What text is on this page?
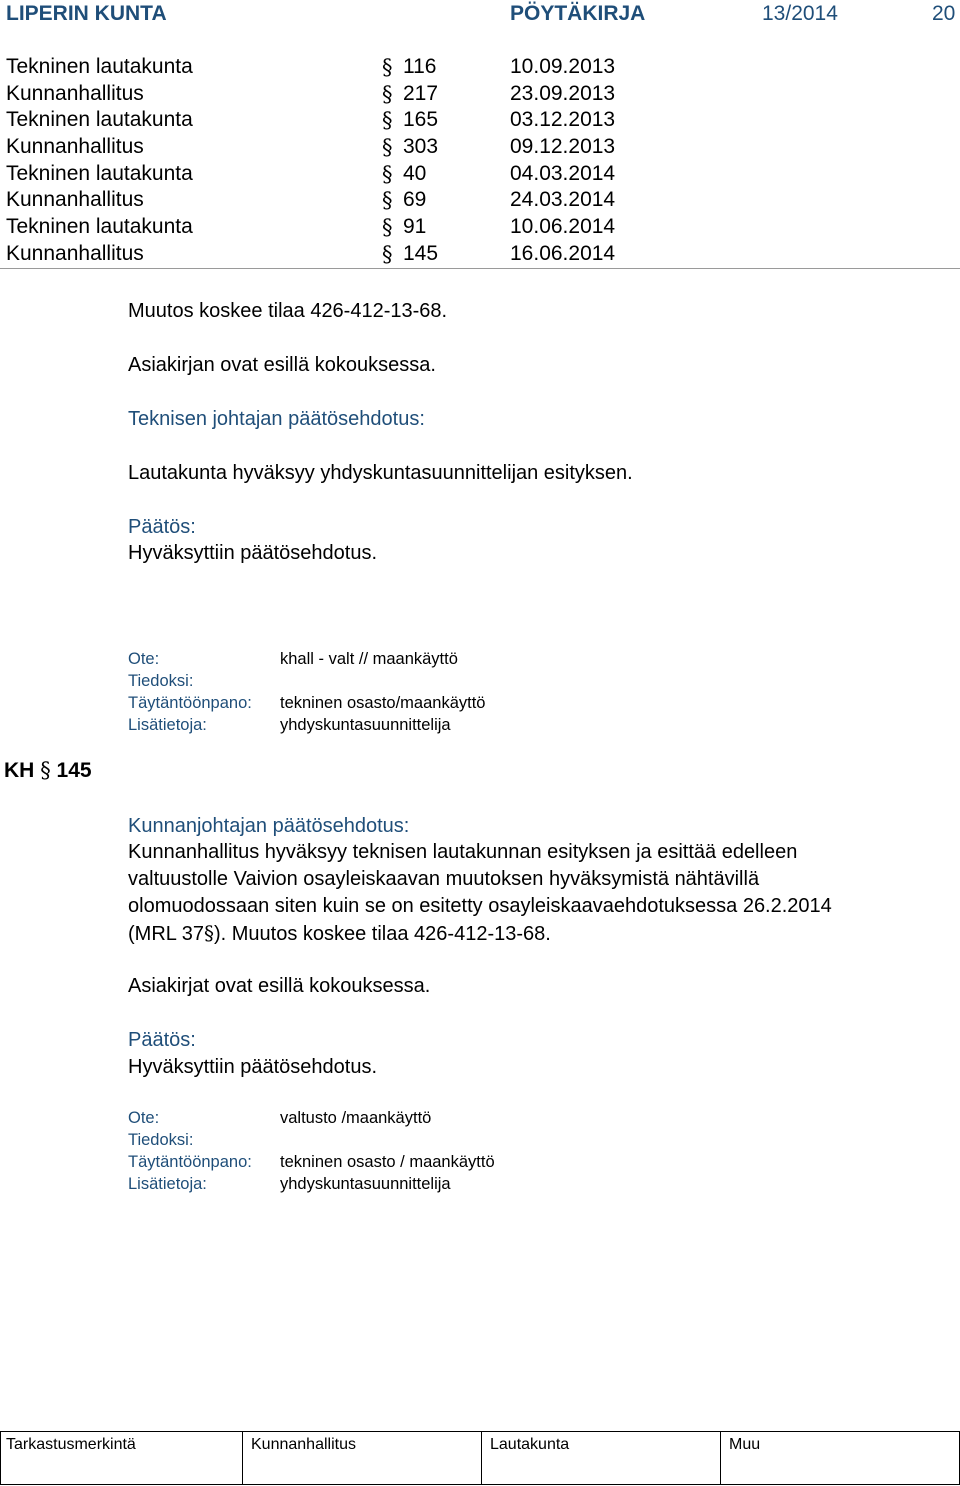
LIPERIN KUNTA	PÖYTÄKIRJA	13/2014	20
Tekninen lautakunta	§ 116	10.09.2013
Kunnanhallitus	§ 217	23.09.2013
Tekninen lautakunta	§ 165	03.12.2013
Kunnanhallitus	§ 303	09.12.2013
Tekninen lautakunta	§ 40	04.03.2014
Kunnanhallitus	§ 69	24.03.2014
Tekninen lautakunta	§ 91	10.06.2014
Kunnanhallitus	§ 145	16.06.2014
Muutos koskee tilaa 426-412-13-68.
Asiakirjan ovat esillä kokouksessa.
Teknisen johtajan päätösehdotus:
Lautakunta hyväksyy yhdyskuntasuunnittelijan esityksen.
Päätös:
Hyväksyttiin päätösehdotus.
Ote:	khall - valt // maankäyttö
Tiedoksi:
Täytäntöönpano: tekninen osasto/maankäyttö
Lisätietoja:	yhdyskuntasuunnittelija
KH § 145
Kunnanjohtajan päätösehdotus:
Kunnanhallitus hyväksyy teknisen lautakunnan esityksen ja esittää edelleen
valtuustolle Vaivion osayleiskaavan muutoksen hyväksymistä nähtävillä
olomuodossaan siten kuin se on esitetty osayleiskaavaehdotuksessa 26.2.2014
(MRL 37§). Muutos koskee tilaa 426-412-13-68.
Asiakirjat ovat esillä kokouksessa.
Päätös:
Hyväksyttiin päätösehdotus.
Ote:	valtusto /maankäyttö
Tiedoksi:
Täytäntöönpano: tekninen osasto / maankäyttö
Lisätietoja:	yhdyskuntasuunnittelija
Tarkastusmerkintä	Kunnanhallitus	Lautakunta	Muu
